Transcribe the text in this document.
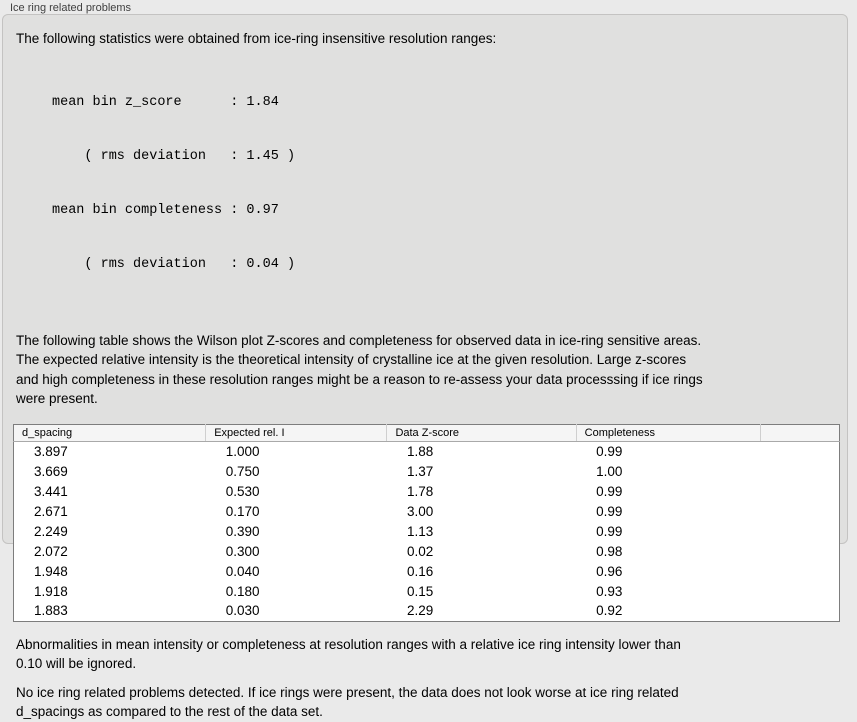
Ice ring related problems
The following statistics were obtained from ice-ring insensitive resolution ranges:

mean bin z_score      : 1.84

( rms deviation   : 1.45 )

mean bin completeness : 0.97

( rms deviation   : 0.04 )

The following table shows the Wilson plot Z-scores and completeness for observed data in ice-ring sensitive areas.
The expected relative intensity is the theoretical intensity of crystalline ice at the given resolution. Large z-scores
and high completeness in these resolution ranges might be a reason to re-assess your data processsing if ice rings
were present.
d_spacing	Expected rel. I	Data Z-score	Completeness	
3.897	1.000	1.88	0.99	
3.669	0.750	1.37	1.00	
3.441	0.530	1.78	0.99	
2.671	0.170	3.00	0.99	
2.249	0.390	1.13	0.99	
2.072	0.300	0.02	0.98	
1.948	0.040	0.16	0.96	
1.918	0.180	0.15	0.93	
1.883	0.030	2.29	0.92	
Abnormalities in mean intensity or completeness at resolution ranges with a relative ice ring intensity lower than
0.10 will be ignored.
No ice ring related problems detected. If ice rings were present, the data does not look worse at ice ring related
d_spacings as compared to the rest of the data set.
